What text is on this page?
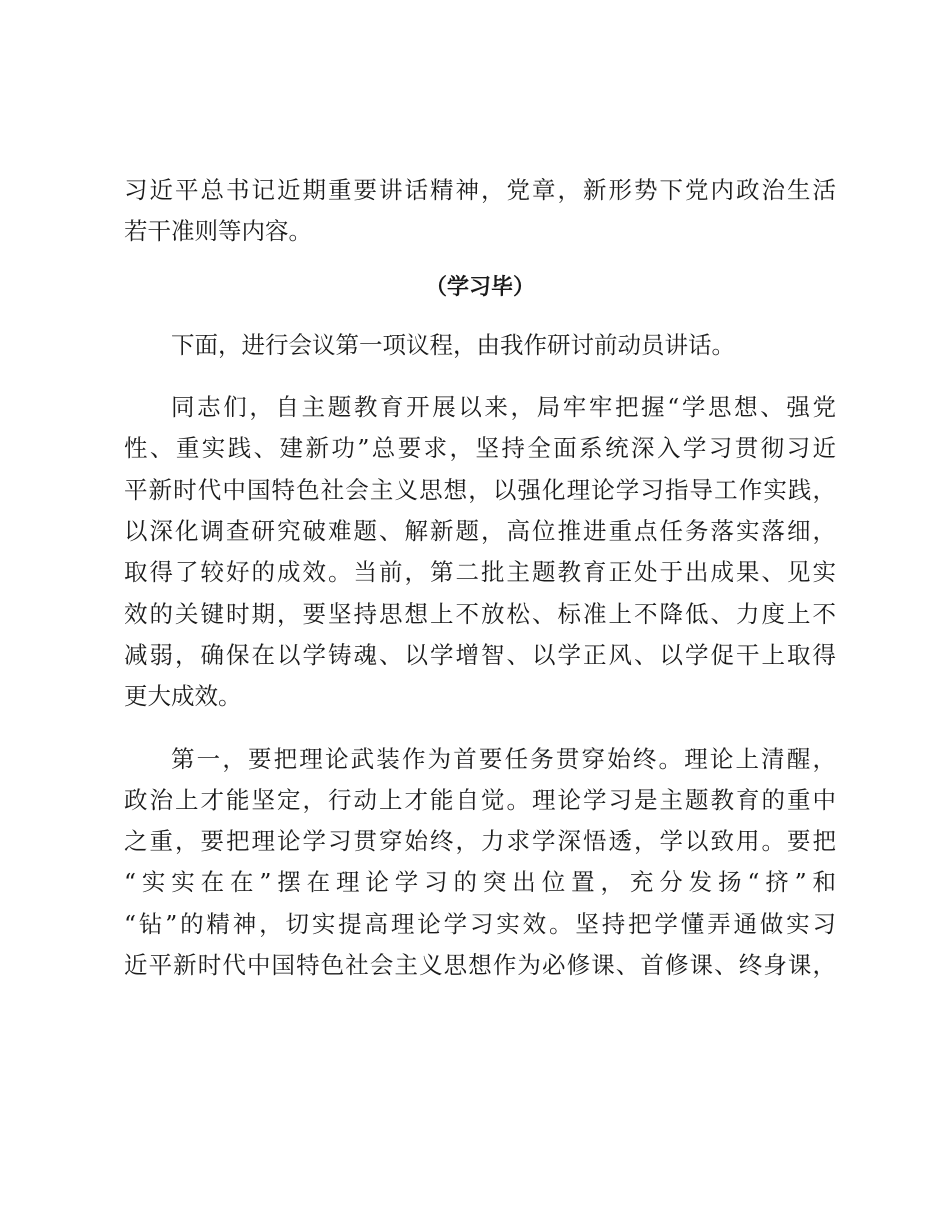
习近平总书记近期重要讲话精神，党章，新形势下党内政治生活

若干准则等内容。

（学习毕）

下面，进行会议第一项议程，由我作研讨前动员讲话。

同志们，自主题教育开展以来，局牢牢把握“学思想、强党

性、重实践、建新功”总要求，坚持全面系统深入学习贯彻习近

平新时代中国特色社会主义思想，以强化理论学习指导工作实践，

以深化调查研究破难题、解新题，高位推进重点任务落实落细，

取得了较好的成效。当前，第二批主题教育正处于出成果、见实

效的关键时期，要坚持思想上不放松、标准上不降低、力度上不

减弱，确保在以学铸魂、以学增智、以学正风、以学促干上取得

更大成效。

第一，要把理论武装作为首要任务贯穿始终。理论上清醒，

政治上才能坚定，行动上才能自觉。理论学习是主题教育的重中

之重，要把理论学习贯穿始终，力求学深悟透，学以致用。要把

“实实在在”摆在理论学习的突出位置，充分发扬“挤”和

“钻”的精神，切实提高理论学习实效。坚持把学懂弄通做实习

近平新时代中国特色社会主义思想作为必修课、首修课、终身课，
